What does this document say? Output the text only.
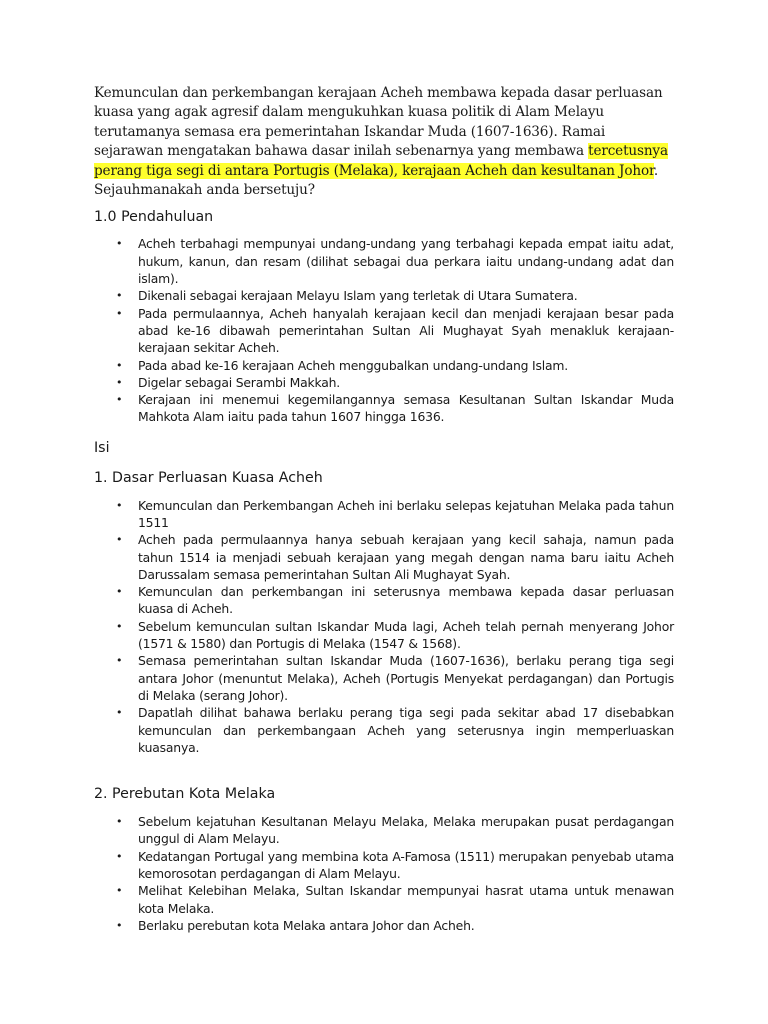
Kemunculan dan perkembangan kerajaan Acheh membawa kepada dasar perluasan kuasa yang agak agresif dalam mengukuhkan kuasa politik di Alam Melayu terutamanya semasa era pemerintahan Iskandar Muda (1607-1636). Ramai sejarawan mengatakan bahawa dasar inilah sebenarnya yang membawa tercetusnya perang tiga segi di antara Portugis (Melaka), kerajaan Acheh dan kesultanan Johor. Sejauhmanakah anda bersetuju?

1.0 Pendahuluan
• Acheh terbahagi mempunyai undang-undang yang terbahagi kepada empat iaitu adat, hukum, kanun, dan resam (dilihat sebagai dua perkara iaitu undang-undang adat dan islam).
• Dikenali sebagai kerajaan Melayu Islam yang terletak di Utara Sumatera.
• Pada permulaannya, Acheh hanyalah kerajaan kecil dan menjadi kerajaan besar pada abad ke-16 dibawah pemerintahan Sultan Ali Mughayat Syah menakluk kerajaan-kerajaan sekitar Acheh.
• Pada abad ke-16 kerajaan Acheh menggubalkan undang-undang Islam.
• Digelar sebagai Serambi Makkah.
• Kerajaan ini menemui kegemilangannya semasa Kesultanan Sultan Iskandar Muda Mahkota Alam iaitu pada tahun 1607 hingga 1636.
Isi
1. Dasar Perluasan Kuasa Acheh
• Kemunculan dan Perkembangan Acheh ini berlaku selepas kejatuhan Melaka pada tahun 1511
• Acheh pada permulaannya hanya sebuah kerajaan yang kecil sahaja, namun pada tahun 1514 ia menjadi sebuah kerajaan yang megah dengan nama baru iaitu Acheh Darussalam semasa pemerintahan Sultan Ali Mughayat Syah.
• Kemunculan dan perkembangan ini seterusnya membawa kepada dasar perluasan kuasa di Acheh.
• Sebelum kemunculan sultan Iskandar Muda lagi, Acheh telah pernah menyerang Johor (1571 & 1580) dan Portugis di Melaka (1547 & 1568).
• Semasa pemerintahan sultan Iskandar Muda (1607-1636), berlaku perang tiga segi antara Johor (menuntut Melaka), Acheh (Portugis Menyekat perdagangan) dan Portugis di Melaka (serang Johor).
• Dapatlah dilihat bahawa berlaku perang tiga segi pada sekitar abad 17 disebabkan kemunculan dan perkembangaan Acheh yang seterusnya ingin memperluaskan kuasanya.
2. Perebutan Kota Melaka
• Sebelum kejatuhan Kesultanan Melayu Melaka, Melaka merupakan pusat perdagangan unggul di Alam Melayu.
• Kedatangan Portugal yang membina kota A-Famosa (1511) merupakan penyebab utama kemorosotan perdagangan di Alam Melayu.
• Melihat Kelebihan Melaka, Sultan Iskandar mempunyai hasrat utama untuk menawan kota Melaka.
• Berlaku perebutan kota Melaka antara Johor dan Acheh.
